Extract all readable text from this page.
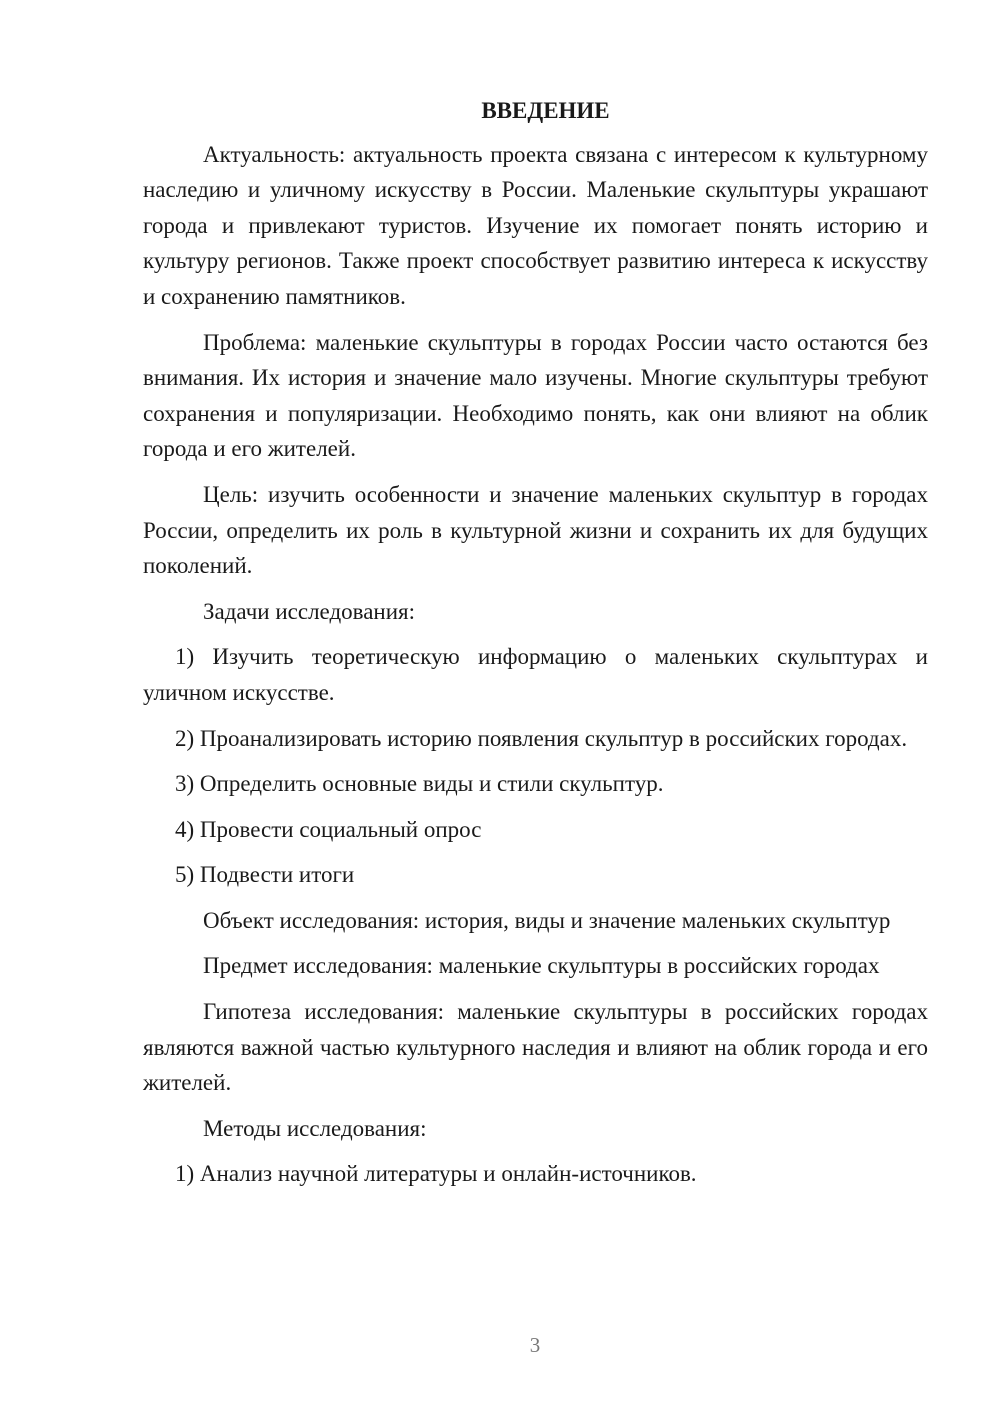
ВВЕДЕНИЕ

Актуальность: актуальность проекта связана с интересом к культурному наследию и уличному искусству в России. Маленькие скульптуры украшают города и привлекают туристов. Изучение их помогает понять историю и культуру регионов. Также проект способствует развитию интереса к искусству и сохранению памятников.

Проблема: маленькие скульптуры в городах России часто остаются без внимания. Их история и значение мало изучены. Многие скульптуры требуют сохранения и популяризации. Необходимо понять, как они влияют на облик города и его жителей.

Цель: изучить особенности и значение маленьких скульптур в городах России, определить их роль в культурной жизни и сохранить их для будущих поколений.

Задачи исследования:

1) Изучить теоретическую информацию о маленьких скульптурах и уличном искусстве.

2) Проанализировать историю появления скульптур в российских городах.

3) Определить основные виды и стили скульптур.

4) Провести социальный опрос

5) Подвести итоги

Объект исследования: история, виды и значение маленьких скульптур

Предмет исследования: маленькие скульптуры в российских городах

Гипотеза исследования: маленькие скульптуры в российских городах являются важной частью культурного наследия и влияют на облик города и его жителей.

Методы исследования:

1) Анализ научной литературы и онлайн-источников.

3
